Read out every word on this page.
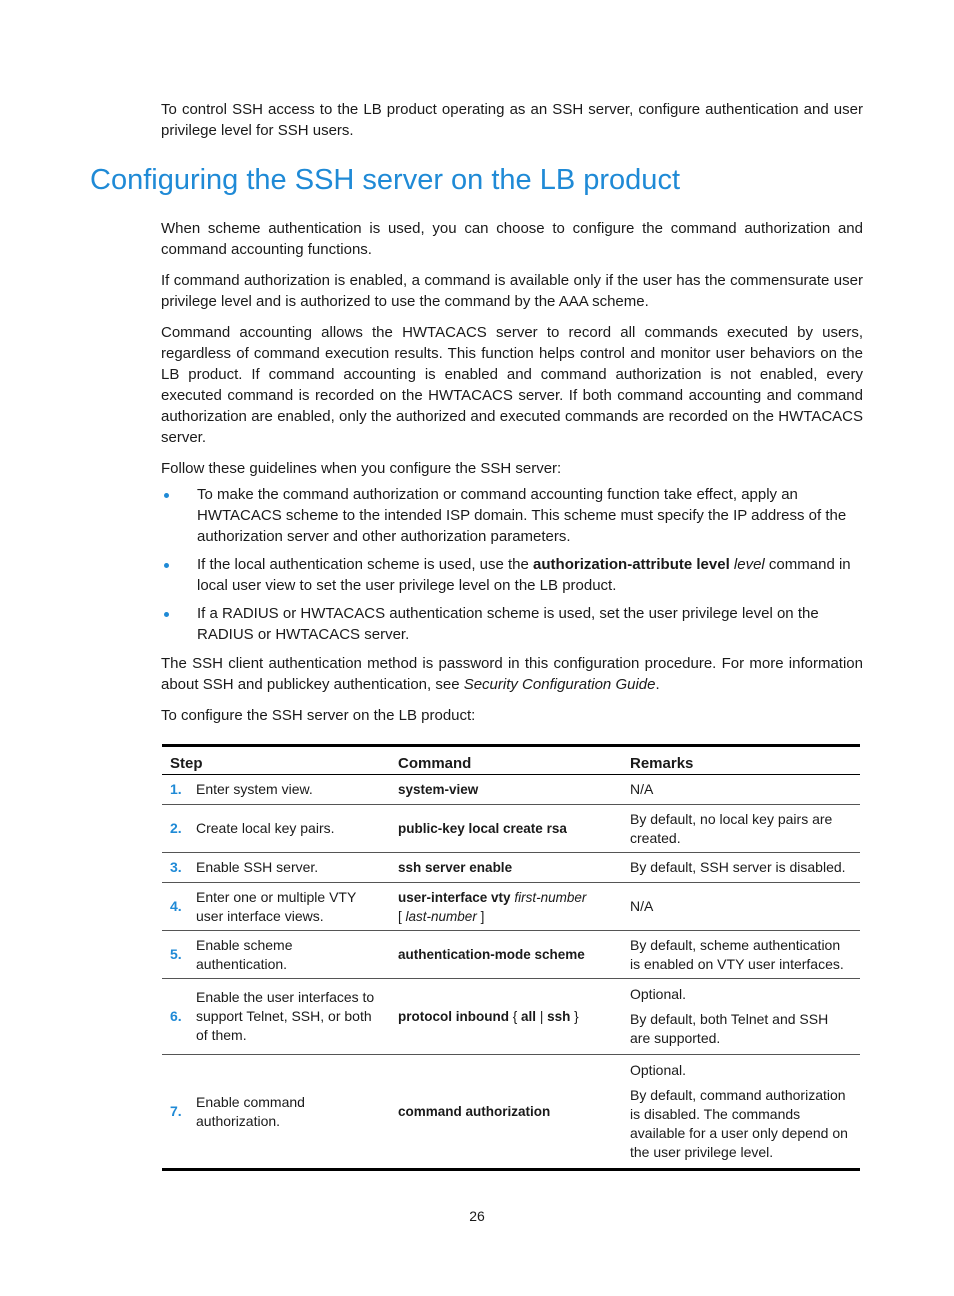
To control SSH access to the LB product operating as an SSH server, configure authentication and user privilege level for SSH users.

Configuring the SSH server on the LB product

When scheme authentication is used, you can choose to configure the command authorization and command accounting functions.

If command authorization is enabled, a command is available only if the user has the commensurate user privilege level and is authorized to use the command by the AAA scheme.

Command accounting allows the HWTACACS server to record all commands executed by users, regardless of command execution results. This function helps control and monitor user behaviors on the LB product. If command accounting is enabled and command authorization is not enabled, every executed command is recorded on the HWTACACS server. If both command accounting and command authorization are enabled, only the authorized and executed commands are recorded on the HWTACACS server.

Follow these guidelines when you configure the SSH server:

To make the command authorization or command accounting function take effect, apply an HWTACACS scheme to the intended ISP domain. This scheme must specify the IP address of the authorization server and other authorization parameters.
If the local authentication scheme is used, use the authorization-attribute level level command in local user view to set the user privilege level on the LB product.
If a RADIUS or HWTACACS authentication scheme is used, set the user privilege level on the RADIUS or HWTACACS server.

The SSH client authentication method is password in this configuration procedure. For more information about SSH and publickey authentication, see Security Configuration Guide.

To configure the SSH server on the LB product:

Step		Command	Remarks
1.	Enter system view.	system-view	N/A
2.	Create local key pairs.	public-key local create rsa	By default, no local key pairs are created.
3.	Enable SSH server.	ssh server enable	By default, SSH server is disabled.
4.	Enter one or multiple VTY user interface views.	user-interface vty first-number
[ last-number ]	N/A
5.	Enable scheme authentication.	authentication-mode scheme	By default, scheme authentication is enabled on VTY user interfaces.
6.	Enable the user interfaces to support Telnet, SSH, or both of them.	protocol inbound { all | ssh }	Optional.

By default, both Telnet and SSH are supported.

7.	Enable command authorization.	command authorization	Optional.

By default, command authorization is disabled. The commands available for a user only depend on the user privilege level.

26
